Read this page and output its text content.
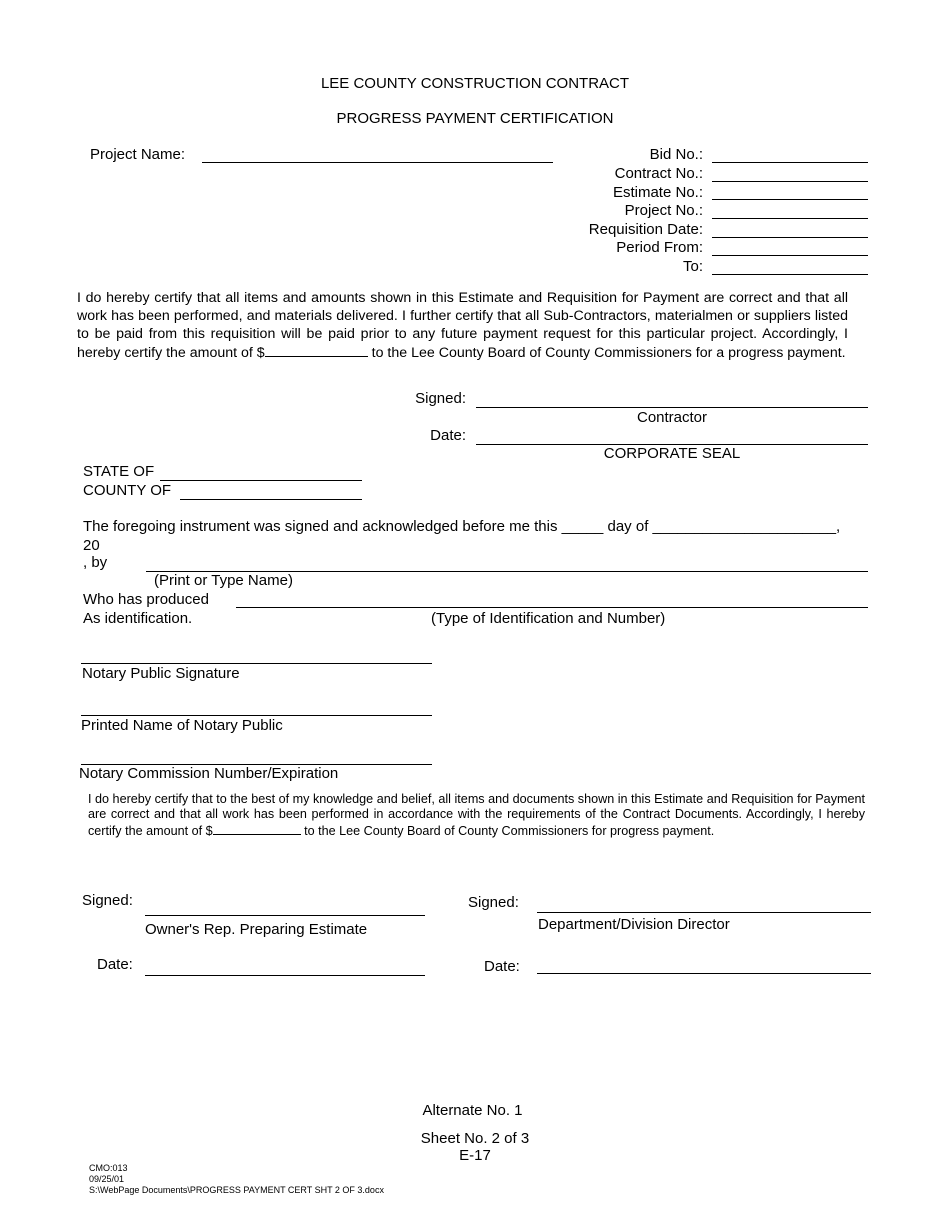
LEE COUNTY CONSTRUCTION CONTRACT
PROGRESS PAYMENT CERTIFICATION
Project Name:	Bid No.:
Contract No.:
Estimate No.:
Project No.:
Requisition Date:
Period From:
To:
I do hereby certify that all items and amounts shown in this Estimate and Requisition for Payment are correct and that all work has been performed, and materials delivered. I further certify that all Sub-Contractors, materialmen or suppliers listed to be paid from this requisition will be paid prior to any future payment request for this particular project. Accordingly, I hereby certify the amount of $	to the Lee County Board of County Commissioners for a progress payment.
Signed:
Contractor
Date:
CORPORATE SEAL
STATE OF
COUNTY OF
The foregoing instrument was signed and acknowledged before me this _____ day of ______________________,
20
, by
(Print or Type Name)
Who has produced
As identification.	(Type of Identification and Number)
Notary Public Signature
Printed Name of Notary Public
Notary Commission Number/Expiration
I do hereby certify that to the best of my knowledge and belief, all items and documents shown in this Estimate and Requisition for Payment are correct and that all work has been performed in accordance with the requirements of the Contract Documents. Accordingly, I hereby certify the amount of $	to the Lee County Board of County Commissioners for progress payment.
Signed:
Owner's Rep. Preparing Estimate
Date:
Signed:
Department/Division Director
Date:
Alternate No. 1
Sheet No. 2 of 3
E-17
CMO:013
09/25/01
S:\WebPage Documents\PROGRESS PAYMENT CERT SHT 2 OF 3.docx
